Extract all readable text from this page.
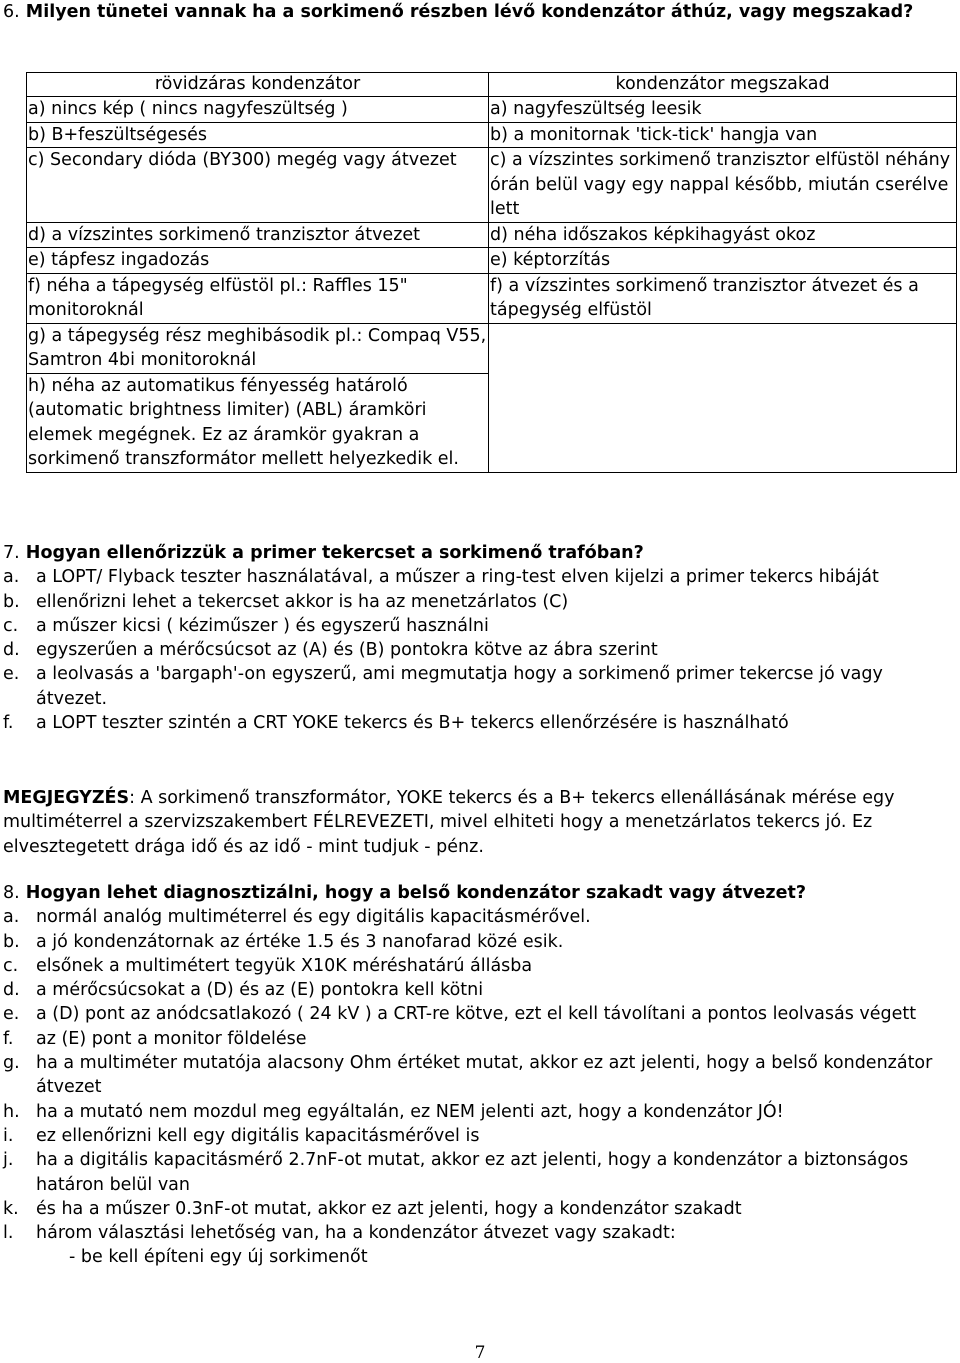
6. Milyen tünetei vannak ha a sorkimenő részben lévő kondenzátor áthúz, vagy megszakad?
rövidzáras kondenzátor	kondenzátor megszakad
a) nincs kép ( nincs nagyfeszültség )	a) nagyfeszültség leesik
b) B+feszültségesés	b) a monitornak 'tick-tick' hangja van
c) Secondary dióda (BY300) megég vagy átvezet	c) a vízszintes sorkimenő tranzisztor elfüstöl néhány órán belül vagy egy nappal később, miután cserélve lett
d) a vízszintes sorkimenő tranzisztor átvezet	d) néha időszakos képkihagyást okoz
e) tápfesz ingadozás	e) képtorzítás
f) néha a tápegység elfüstöl pl.: Raffles 15" monitoroknál	f) a vízszintes sorkimenő tranzisztor átvezet és a tápegység elfüstöl
g) a tápegység rész meghibásodik pl.: Compaq V55, Samtron 4bi monitoroknál	
h) néha az automatikus fényesség határoló (automatic brightness limiter) (ABL) áramköri elemek megégnek. Ez az áramkör gyakran a sorkimenő transzformátor mellett helyezkedik el.	
7. Hogyan ellenőrizzük a primer tekercset a sorkimenő trafóban?
a. a LOPT/ Flyback teszter használatával, a műszer a ring-test elven kijelzi a primer tekercs hibáját
b. ellenőrizni lehet a tekercset akkor is ha az menetzárlatos (C)
c.	a műszer kicsi ( kéziműszer ) és egyszerű használni
d. egyszerűen a mérőcsúcsot az (A) és (B) pontokra kötve az ábra szerint
e. a leolvasás a 'bargaph'-on egyszerű, ami megmutatja hogy a sorkimenő primer tekercse jó vagy átvezet.
f.	a LOPT teszter szintén a CRT YOKE tekercs és B+ tekercs ellenőrzésére is használható
MEGJEGYZÉS: A sorkimenő transzformátor, YOKE tekercs és a B+ tekercs ellenállásának mérése egy multiméterrel a szervizszakembert FÉLREVEZETI, mivel elhiteti hogy a menetzárlatos tekercs jó. Ez elvesztegetett drága idő és az idő - mint tudjuk - pénz.
8. Hogyan lehet diagnosztizálni, hogy a belső kondenzátor szakadt vagy átvezet?
a. normál analóg multiméterrel és egy digitális kapacitásmérővel.
b. a jó kondenzátornak az értéke 1.5 és 3 nanofarad közé esik.
c.	elsőnek a multimétert tegyük X10K méréshatárú állásba
d. a mérőcsúcsokat a (D) és az (E) pontokra kell kötni
e. a (D) pont az anódcsatlakozó ( 24 kV ) a CRT-re kötve, ezt el kell távolítani a pontos leolvasás végett
f.	az (E) pont a monitor földelése
g. ha a multiméter mutatója alacsony Ohm értéket mutat, akkor ez azt jelenti, hogy a belső kondenzátor átvezet
h. ha a mutató nem mozdul meg egyáltalán, ez NEM jelenti azt, hogy a kondenzátor JÓ!
i.	ez ellenőrizni kell egy digitális kapacitásmérővel is
j.	ha a digitális kapacitásmérő 2.7nF-ot mutat, akkor ez azt jelenti, hogy a kondenzátor a biztonságos határon belül van
k. és ha a műszer 0.3nF-ot mutat, akkor ez azt jelenti, hogy a kondenzátor szakadt
l.	három választási lehetőség van, ha a kondenzátor átvezet vagy szakadt:
- be kell építeni egy új sorkimenőt
7
